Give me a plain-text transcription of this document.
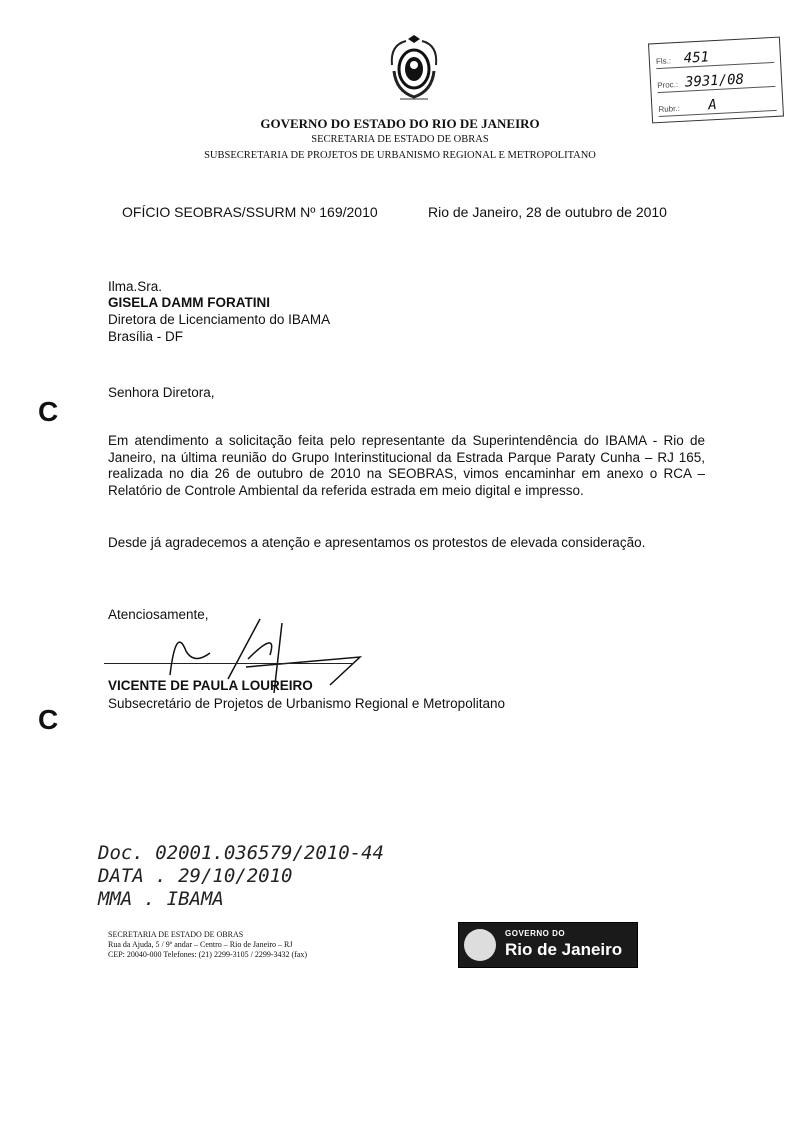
GOVERNO DO ESTADO DO RIO DE JANEIRO
SECRETARIA DE ESTADO DE OBRAS
SUBSECRETARIA DE PROJETOS DE URBANISMO REGIONAL E METROPOLITANO
Fls.: 451
Proc.: 3931/08
Rubr.: A
OFÍCIO SEOBRAS/SSURM Nº 169/2010	Rio de Janeiro, 28 de outubro de 2010
Ilma.Sra.
GISELA DAMM FORATINI
Diretora de Licenciamento do IBAMA
Brasília - DF
Senhora Diretora,
C
Em atendimento a solicitação feita pelo representante da Superintendência do IBAMA - Rio de Janeiro, na última reunião do Grupo Interinstitucional da Estrada Parque Paraty Cunha – RJ 165, realizada no dia 26 de outubro de 2010 na SEOBRAS, vimos encaminhar em anexo o RCA – Relatório de Controle Ambiental da referida estrada em meio digital e impresso.
Desde já agradecemos a atenção e apresentamos os protestos de elevada consideração.
Atenciosamente,
VICENTE DE PAULA LOUREIRO
Subsecretário de Projetos de Urbanismo Regional e Metropolitano
C
Doc. 02001.036579/2010-44
DATA . 29/10/2010
MMA . IBAMA
SECRETARIA DE ESTADO DE OBRAS
Rua da Ajuda, 5 / 9º andar – Centro – Rio de Janeiro – RJ
CEP: 20040-000 Telefones: (21) 2299-3105 / 2299-3432 (fax)
GOVERNO DO
Rio de Janeiro
